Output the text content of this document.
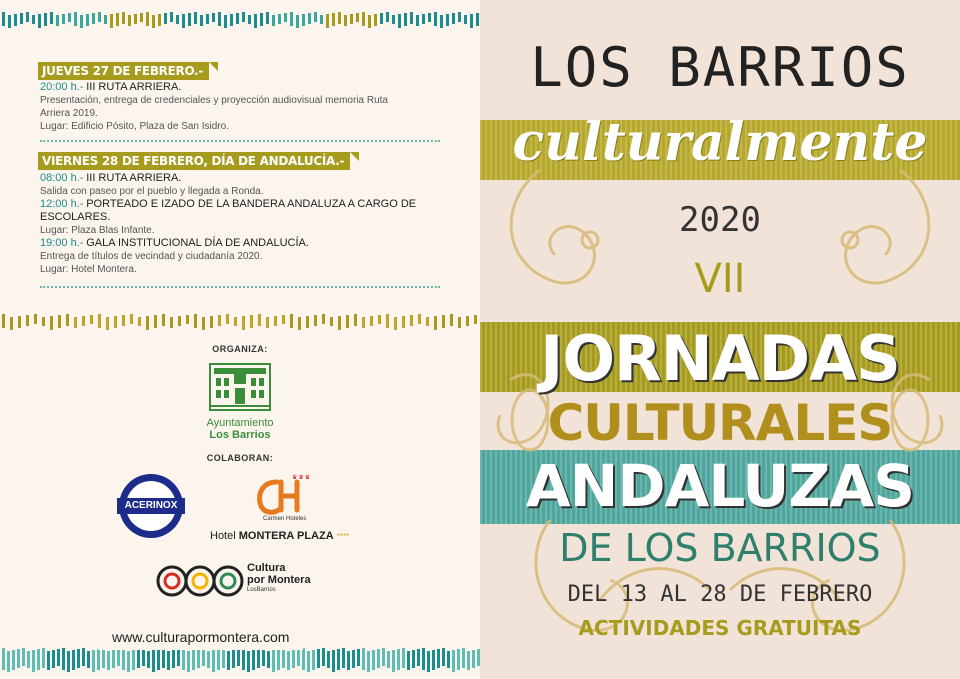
JUEVES 27 DE FEBRERO.-
20:00 h.- III RUTA ARRIERA.
Presentación, entrega de credenciales y proyección audiovisual memoria Ruta
Arriera 2019.
Lugar: Edificio Pósito, Plaza de San Isidro.
VIERNES 28 DE FEBRERO, DÍA DE ANDALUCÍA.-
08:00 h.- III RUTA ARRIERA.
Salida con paseo por el pueblo y llegada a Ronda.
12:00 h.- PORTEADO E IZADO DE LA BANDERA ANDALUZA A CARGO DE
ESCOLARES.
Lugar: Plaza Blas Infante.
19:00 h.- GALA INSTITUCIONAL DÍA DE ANDALUCÍA.
Entrega de títulos de vecindad y ciudadanía 2020.
Lugar: Hotel Montera.
ORGANIZA:
Ayuntamiento
Los Barrios
COLABORAN:
ACERINOX
♛♛♛
Carmen Hoteles
Hotel MONTERA PLAZA ****
Cultura
por Montera
LosBarrios
www.culturapormontera.com
LOS BARRIOS
culturalmente
2020
VII
JORNADAS
CULTURALES
ANDALUZAS
DE LOS BARRIOS
DEL 13 AL 28 DE FEBRERO
ACTIVIDADES GRATUITAS
